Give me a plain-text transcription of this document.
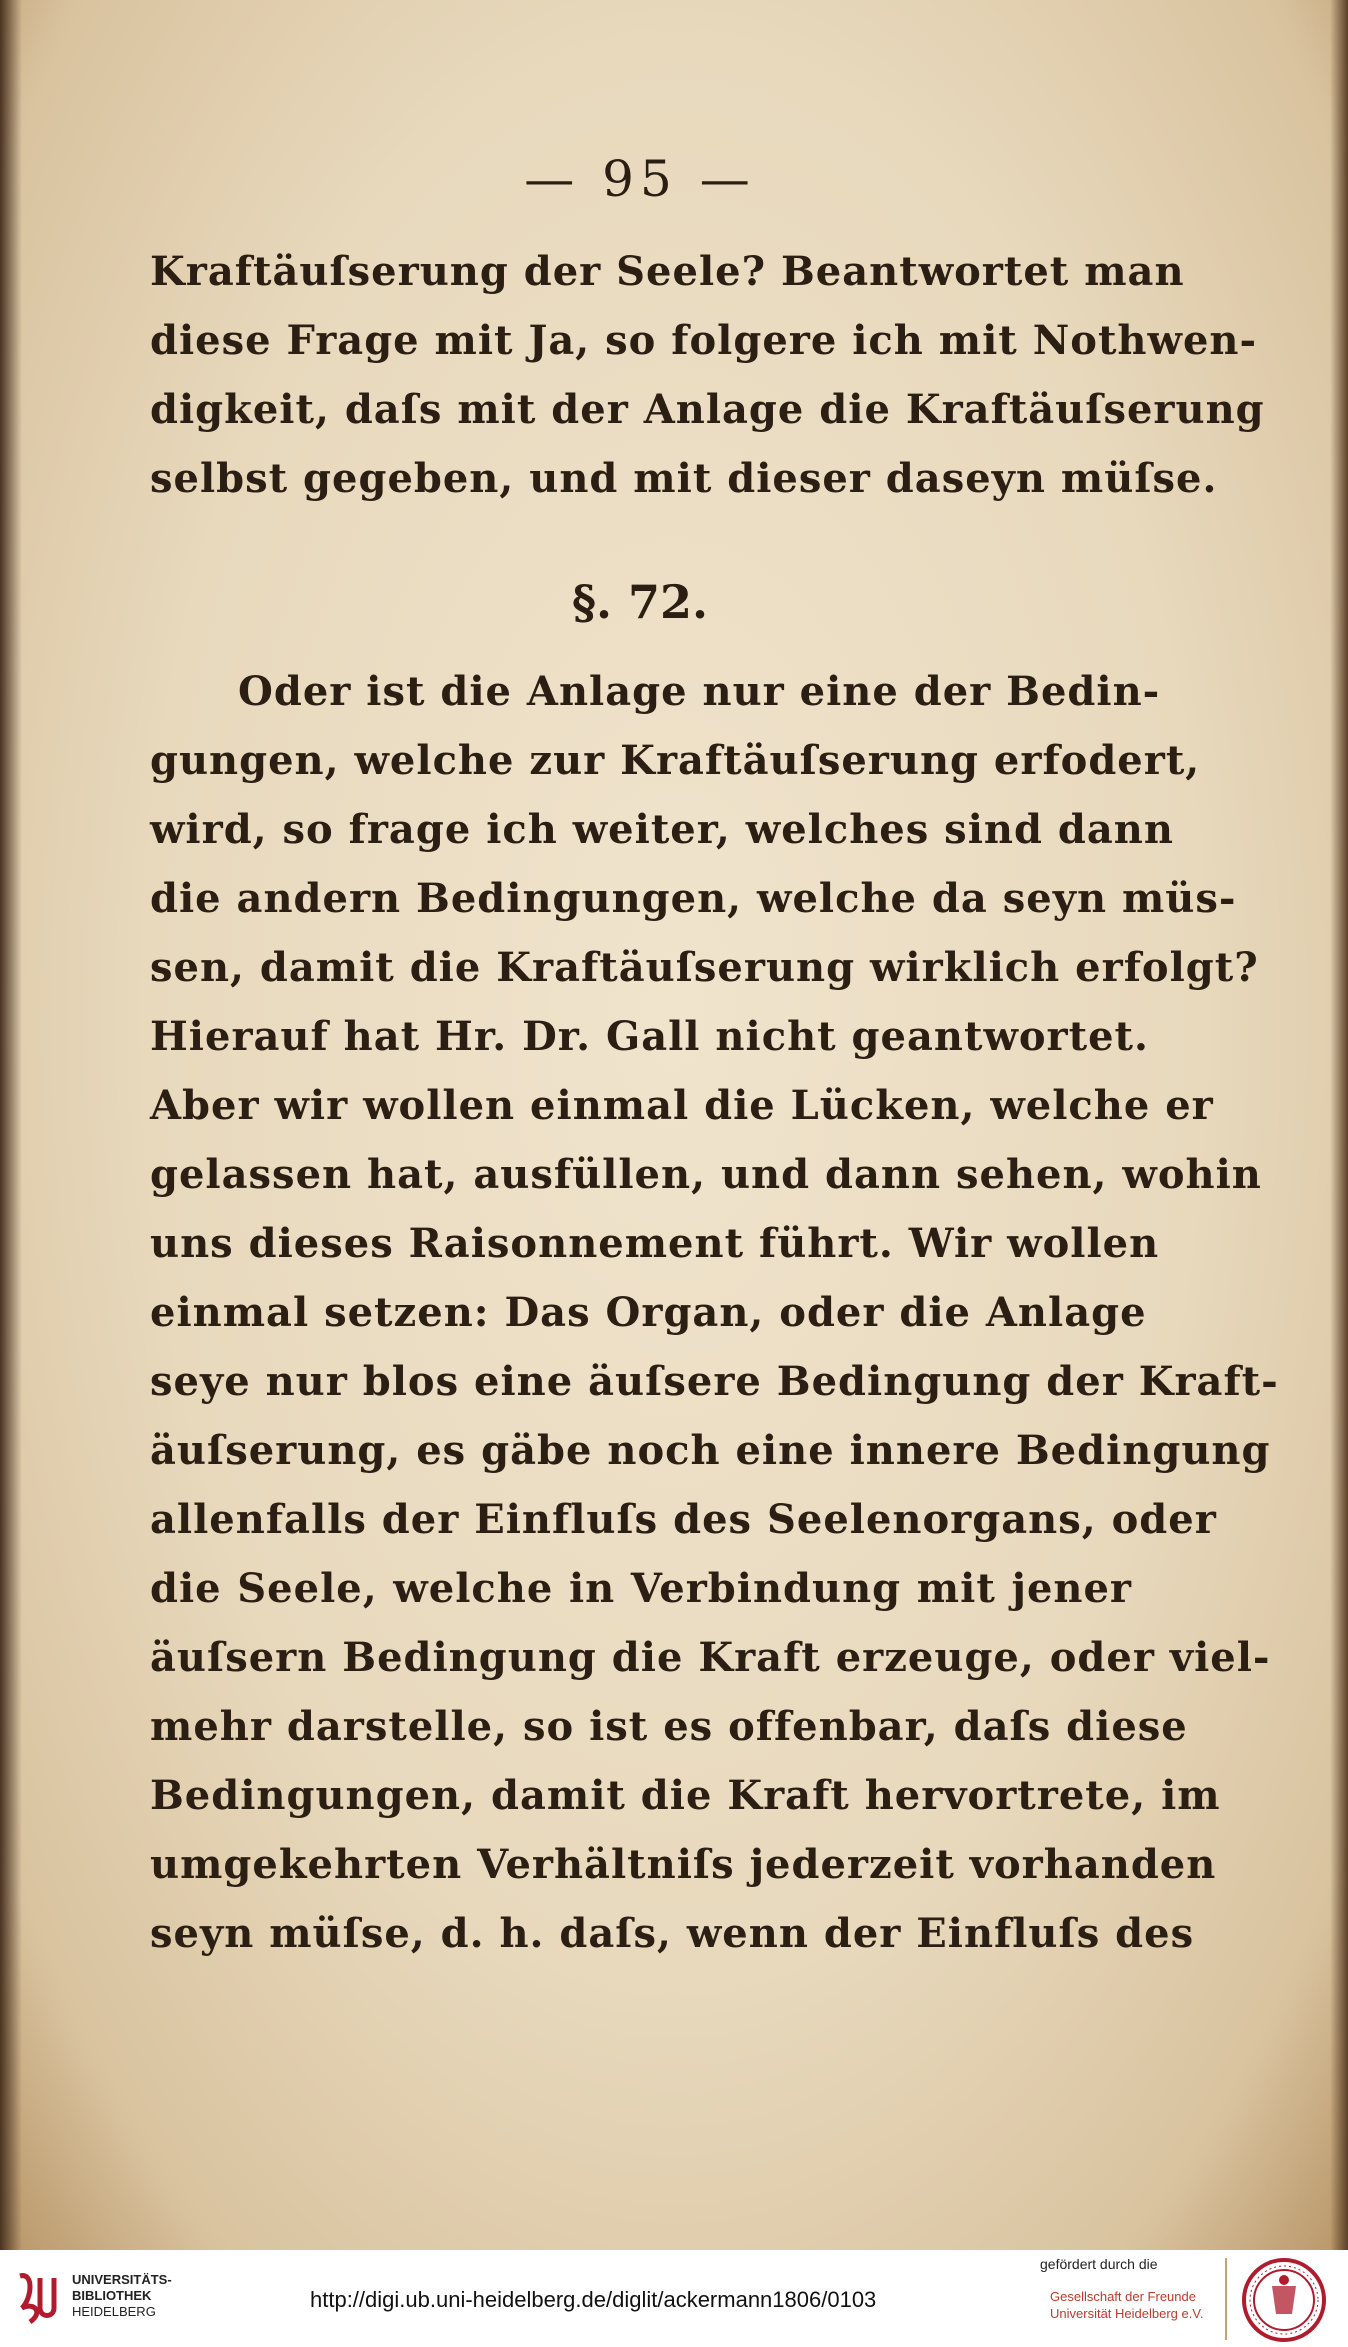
— 95 —
Kraftäuſserung der Seele? Beantwortet man
diese Frage mit Ja, so folgere ich mit Nothwen-
digkeit, daſs mit der Anlage die Kraftäuſserung
selbst gegeben, und mit dieser daseyn müſse.
§. 72.
Oder ist die Anlage nur eine der Bedin-
gungen, welche zur Kraftäuſserung erfodert,
wird, so frage ich weiter, welches sind dann
die andern Bedingungen, welche da seyn müs-
sen, damit die Kraftäuſserung wirklich erfolgt?
Hierauf hat Hr. Dr. Gall nicht geantwortet.
Aber wir wollen einmal die Lücken, welche er
gelassen hat, ausfüllen, und dann sehen, wohin
uns dieses Raisonnement führt. Wir wollen
einmal setzen: Das Organ, oder die Anlage
seye nur blos eine äuſsere Bedingung der Kraft-
äuſserung, es gäbe noch eine innere Bedingung
allenfalls der Einfluſs des Seelenorgans, oder
die Seele, welche in Verbindung mit jener
äuſsern Bedingung die Kraft erzeuge, oder viel-
mehr darstelle, so ist es offenbar, daſs diese
Bedingungen, damit die Kraft hervortrete, im
umgekehrten Verhältniſs jederzeit vorhanden
seyn müſse, d. h. daſs, wenn der Einfluſs des
UNIVERSITÄTS-
BIBLIOTHEK
HEIDELBERG	http://digi.ub.uni-heidelberg.de/diglit/ackermann1806/0103
gefördert durch die
Gesellschaft der Freunde
Universität Heidelberg e.V.
